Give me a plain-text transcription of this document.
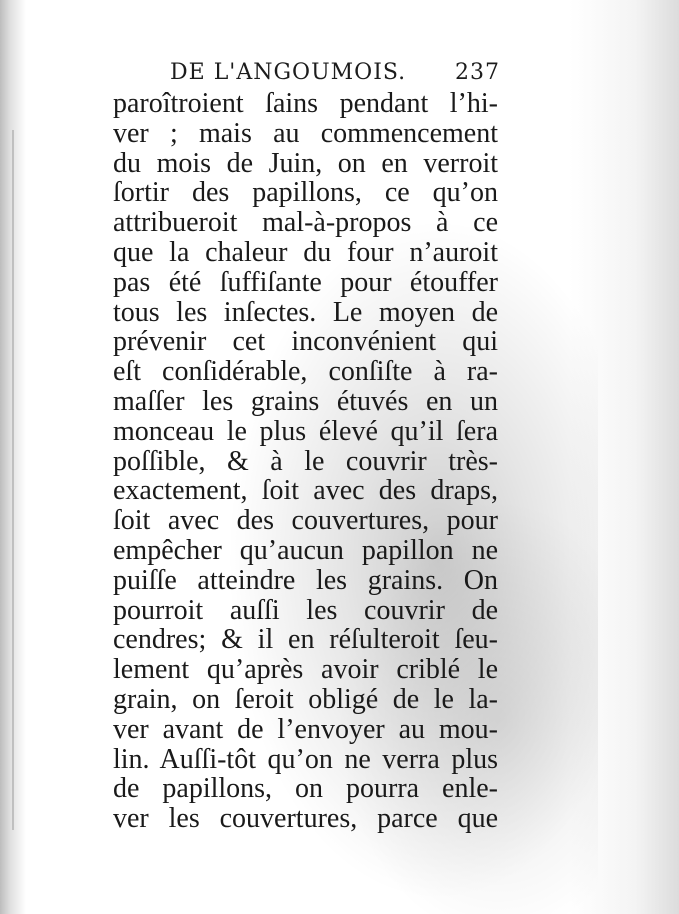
DE L'ANGOUMOIS. 237
paroîtroient ſains pendant l’hi-
ver ; mais au commencement
du mois de Juin, on en verroit
ſortir des papillons, ce qu’on
attribueroit mal-à-propos à ce
que la chaleur du four n’auroit
pas été ſuffiſante pour étouffer
tous les inſectes. Le moyen de
prévenir cet inconvénient qui
eſt conſidérable, conſiſte à ra-
maſſer les grains étuvés en un
monceau le plus élevé qu’il ſera
poſſible, & à le couvrir très-
exactement, ſoit avec des draps,
ſoit avec des couvertures, pour
empêcher qu’aucun papillon ne
puiſſe atteindre les grains. On
pourroit auſſi les couvrir de
cendres; & il en réſulteroit ſeu-
lement qu’après avoir criblé le
grain, on ſeroit obligé de le la-
ver avant de l’envoyer au mou-
lin. Auſſi-tôt qu’on ne verra plus
de papillons, on pourra enle-
ver les couvertures, parce que
